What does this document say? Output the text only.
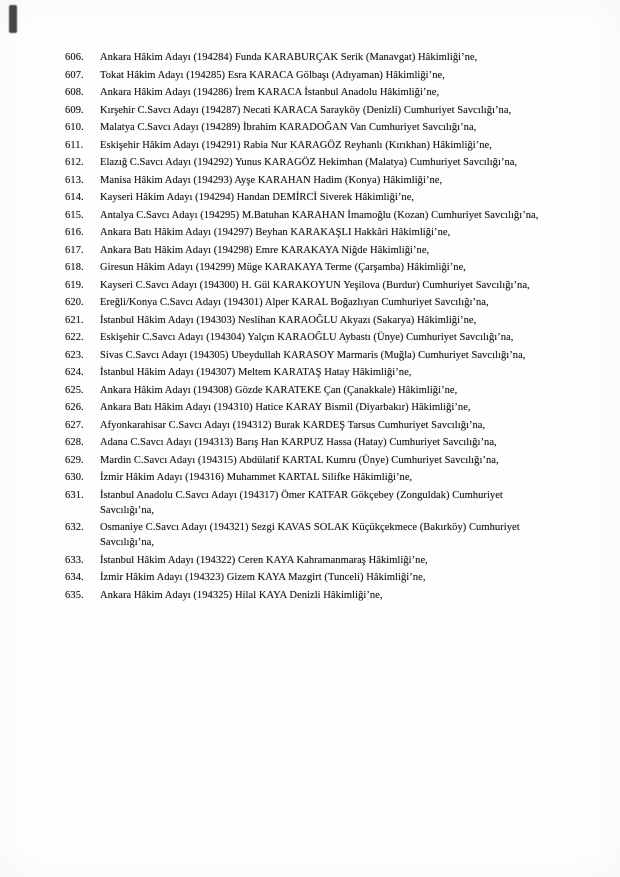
606.	Ankara Hâkim Adayı (194284) Funda KARABURÇAK Serik (Manavgat) Hâkimliği’ne,
607.	Tokat Hâkim Adayı (194285) Esra KARACA Gölbaşı (Adıyaman) Hâkimliği’ne,
608.	Ankara Hâkim Adayı (194286) İrem KARACA İstanbul Anadolu Hâkimliği’ne,
609.	Kırşehir C.Savcı Adayı (194287) Necati KARACA Sarayköy (Denizli) Cumhuriyet Savcılığı’na,
610.	Malatya C.Savcı Adayı (194289) İbrahim KARADOĞAN Van Cumhuriyet Savcılığı’na,
611.	Eskişehir Hâkim Adayı (194291) Rabia Nur KARAGÖZ Reyhanlı (Kırıkhan) Hâkimliği’ne,
612.	Elazığ C.Savcı Adayı (194292) Yunus KARAGÖZ Hekimhan (Malatya) Cumhuriyet Savcılığı’na,
613.	Manisa Hâkim Adayı (194293) Ayşe KARAHAN Hadim (Konya) Hâkimliği’ne,
614.	Kayseri Hâkim Adayı (194294) Handan DEMİRCİ Siverek Hâkimliği’ne,
615.	Antalya C.Savcı Adayı (194295) M.Batuhan KARAHAN İmamoğlu (Kozan) Cumhuriyet Savcılığı’na,
616.	Ankara Batı Hâkim Adayı (194297) Beyhan KARAKAŞLI Hakkâri Hâkimliği’ne,
617.	Ankara Batı Hâkim Adayı (194298) Emre KARAKAYA Niğde Hâkimliği’ne,
618.	Giresun Hâkim Adayı (194299) Müge KARAKAYA Terme (Çarşamba) Hâkimliği’ne,
619.	Kayseri C.Savcı Adayı (194300) H. Gül KARAKOYUN Yeşilova (Burdur) Cumhuriyet Savcılığı’na,
620.	Ereğli/Konya C.Savcı Adayı (194301) Alper KARAL Boğazlıyan Cumhuriyet Savcılığı’na,
621.	İstanbul Hâkim Adayı (194303) Neslihan KARAOĞLU Akyazı (Sakarya) Hâkimliği’ne,
622.	Eskişehir C.Savcı Adayı (194304) Yalçın KARAOĞLU Aybastı (Ünye) Cumhuriyet Savcılığı’na,
623.	Sivas C.Savcı Adayı (194305) Ubeydullah KARASOY Marmaris (Muğla) Cumhuriyet Savcılığı’na,
624.	İstanbul Hâkim Adayı (194307) Meltem KARATAŞ Hatay Hâkimliği’ne,
625.	Ankara Hâkim Adayı (194308) Gözde KARATEKE Çan (Çanakkale) Hâkimliği’ne,
626.	Ankara Batı Hâkim Adayı (194310) Hatice KARAY Bismil (Diyarbakır) Hâkimliği’ne,
627.	Afyonkarahisar C.Savcı Adayı (194312) Burak KARDEŞ Tarsus Cumhuriyet Savcılığı’na,
628.	Adana C.Savcı Adayı (194313) Barış Han KARPUZ Hassa (Hatay) Cumhuriyet Savcılığı’na,
629.	Mardin C.Savcı Adayı (194315) Abdülatif KARTAL Kumru (Ünye) Cumhuriyet Savcılığı’na,
630.	İzmir Hâkim Adayı (194316) Muhammet KARTAL Silifke Hâkimliği’ne,
631.	İstanbul Anadolu C.Savcı Adayı (194317) Ömer KATFAR Gökçebey (Zonguldak) Cumhuriyet
Savcılığı’na,
632.	Osmaniye C.Savcı Adayı (194321) Sezgi KAVAS SOLAK Küçükçekmece (Bakırköy) Cumhuriyet
Savcılığı’na,
633.	İstanbul Hâkim Adayı (194322) Ceren KAYA Kahramanmaraş Hâkimliği’ne,
634.	İzmir Hâkim Adayı (194323) Gizem KAYA Mazgirt (Tunceli) Hâkimliği’ne,
635.	Ankara Hâkim Adayı (194325) Hilal KAYA Denizli Hâkimliği’ne,
